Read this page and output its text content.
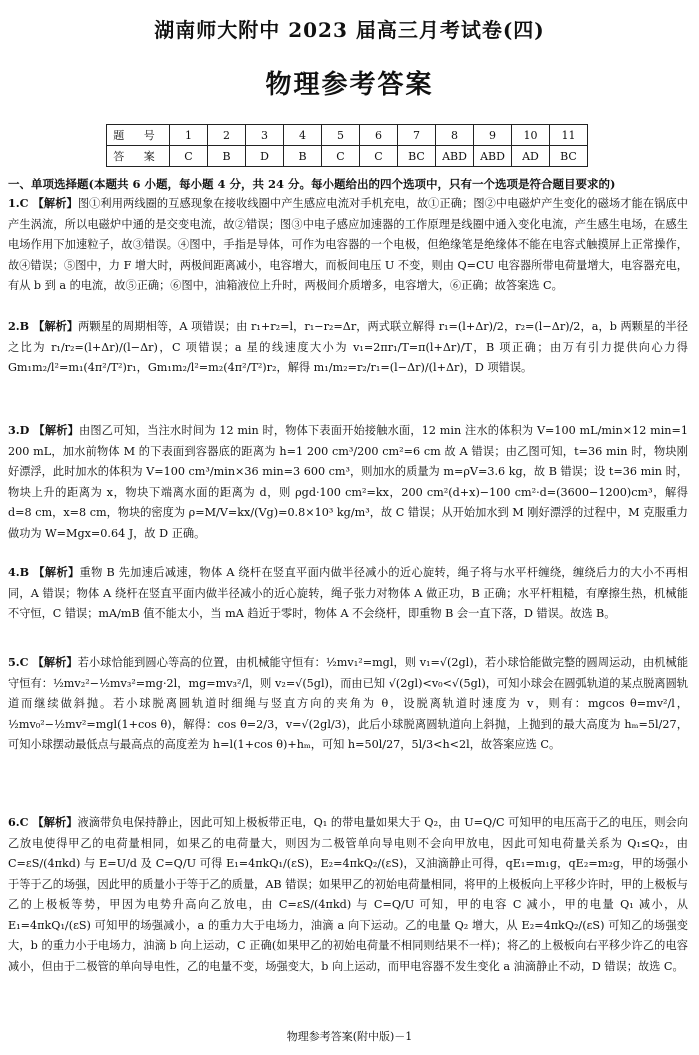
湖南师大附中 2023 届高三月考试卷(四)
物理参考答案
题 号	1	2	3	4	5	6	7	8	9	10	11
答 案	C	B	D	B	C	C	BC	ABD	ABD	AD	BC
一、单项选择题(本题共 6 小题，每小题 4 分，共 24 分。每小题给出的四个选项中，只有一个选项是符合题目要求的)
1.C 【解析】图①利用两线圈的互感现象在接收线圈中产生感应电流对手机充电，故①正确；图②中电磁炉产生变化的磁场才能在锅底中产生涡流，所以电磁炉中通的是交变电流，故②错误；图③中电子感应加速器的工作原理是线圈中通入变化电流，产生感生电场，在感生电场作用下加速粒子，故③错误。④图中，手指是导体，可作为电容器的一个电极，但绝缘笔是绝缘体不能在电容式触摸屏上正常操作，故④错误；⑤图中，力 F 增大时，两极间距离减小，电容增大，而板间电压 U 不变，则由 Q=CU 电容器所带电荷量增大，电容器充电，有从 b 到 a 的电流，故⑤正确；⑥图中，油箱液位上升时，两极间介质增多，电容增大，⑥正确；故答案选 C。
2.B 【解析】两颗星的周期相等，A 项错误；由 r₁+r₂=l，r₁−r₂=Δr，两式联立解得 r₁=(l+Δr)/2，r₂=(l−Δr)/2，a，b 两颗星的半径之比为 r₁/r₂=(l+Δr)/(l−Δr)，C 项错误；a 星的线速度大小为 v₁=2πr₁/T=π(l+Δr)/T，B 项正确；由万有引力提供向心力得 Gm₁m₂/l²=m₁(4π²/T²)r₁，Gm₁m₂/l²=m₂(4π²/T²)r₂，解得 m₁/m₂=r₂/r₁=(l−Δr)/(l+Δr)，D 项错误。
3.D 【解析】由图乙可知，当注水时间为 12 min 时，物体下表面开始接触水面，12 min 注水的体积为 V=100 mL/min×12 min=1 200 mL，加水前物体 M 的下表面到容器底的距离为 h=1 200 cm³/200 cm²=6 cm 故 A 错误；由乙图可知，t=36 min 时，物块刚好漂浮，此时加水的体积为 V=100 cm³/min×36 min=3 600 cm³，则加水的质量为 m=ρV=3.6 kg，故 B 错误；设 t=36 min 时，物块上升的距离为 x，物块下端离水面的距离为 d，则 ρgd·100 cm²=kx，200 cm²(d+x)−100 cm²·d=(3600−1200)cm³，解得 d=8 cm，x=8 cm，物块的密度为 ρ=M/V=kx/(Vg)=0.8×10³ kg/m³，故 C 错误；从开始加水到 M 刚好漂浮的过程中，M 克服重力做功为 W=Mgx=0.64 J，故 D 正确。
4.B 【解析】重物 B 先加速后减速，物体 A 绕杆在竖直平面内做半径减小的近心旋转，绳子将与水平杆缠绕，缠绕后力的大小不再相同，A 错误；物体 A 绕杆在竖直平面内做半径减小的近心旋转，绳子张力对物体 A 做正功，B 正确；水平杆粗糙，有摩擦生热，机械能不守恒，C 错误；mA/mB 值不能太小，当 mA 趋近于零时，物体 A 不会绕杆，即重物 B 会一直下落，D 错误。故选 B。
5.C 【解析】若小球恰能到圆心等高的位置，由机械能守恒有：½mv₁²=mgl，则 v₁=√(2gl)，若小球恰能做完整的圆周运动，由机械能守恒有：½mv₂²−½mv₃²=mg·2l，mg=mv₃²/l，则 v₂=√(5gl)，而由已知 √(2gl)<v₀<√(5gl)，可知小球会在圆弧轨道的某点脱离圆轨道而继续做斜抛。若小球脱离圆轨道时细绳与竖直方向的夹角为 θ，设脱离轨道时速度为 v，则有：mgcos θ=mv²/l，½mv₀²−½mv²=mgl(1+cos θ)，解得：cos θ=2/3，v=√(2gl/3)，此后小球脱离圆轨道向上斜抛，上抛到的最大高度为 hₘ=5l/27，可知小球摆动最低点与最高点的高度差为 h=l(1+cos θ)+hₘ，可知 h=50l/27，5l/3<h<2l，故答案应选 C。
6.C 【解析】液滴带负电保持静止，因此可知上极板带正电，Q₁ 的带电量如果大于 Q₂，由 U=Q/C 可知甲的电压高于乙的电压，则会向乙放电使得甲乙的电荷量相同，如果乙的电荷量大，则因为二极管单向导电则不会向甲放电，因此可知电荷量关系为 Q₁≤Q₂，由 C=εS/(4πkd) 与 E=U/d 及 C=Q/U 可得 E₁=4πkQ₁/(εS)，E₂=4πkQ₂/(εS)，又油滴静止可得，qE₁=m₁g，qE₂=m₂g，甲的场强小于等于乙的场强，因此甲的质量小于等于乙的质量，AB 错误；如果甲乙的初始电荷量相同，将甲的上极板向上平移少许时，甲的上极板与乙的上极板等势，甲因为电势升高向乙放电，由 C=εS/(4πkd) 与 C=Q/U 可知，甲的电容 C 减小，甲的电量 Q₁ 减小，从 E₁=4πkQ₁/(εS) 可知甲的场强减小，a 的重力大于电场力，油滴 a 向下运动。乙的电量 Q₂ 增大，从 E₂=4πkQ₂/(εS) 可知乙的场强变大，b 的重力小于电场力，油滴 b 向上运动，C 正确(如果甲乙的初始电荷量不相同则结果不一样)；将乙的上极板向右平移少许乙的电容减小，但由于二极管的单向导电性，乙的电量不变，场强变大，b 向上运动，而甲电容器不发生变化 a 油滴静止不动，D 错误；故选 C。
物理参考答案(附中版)－1
